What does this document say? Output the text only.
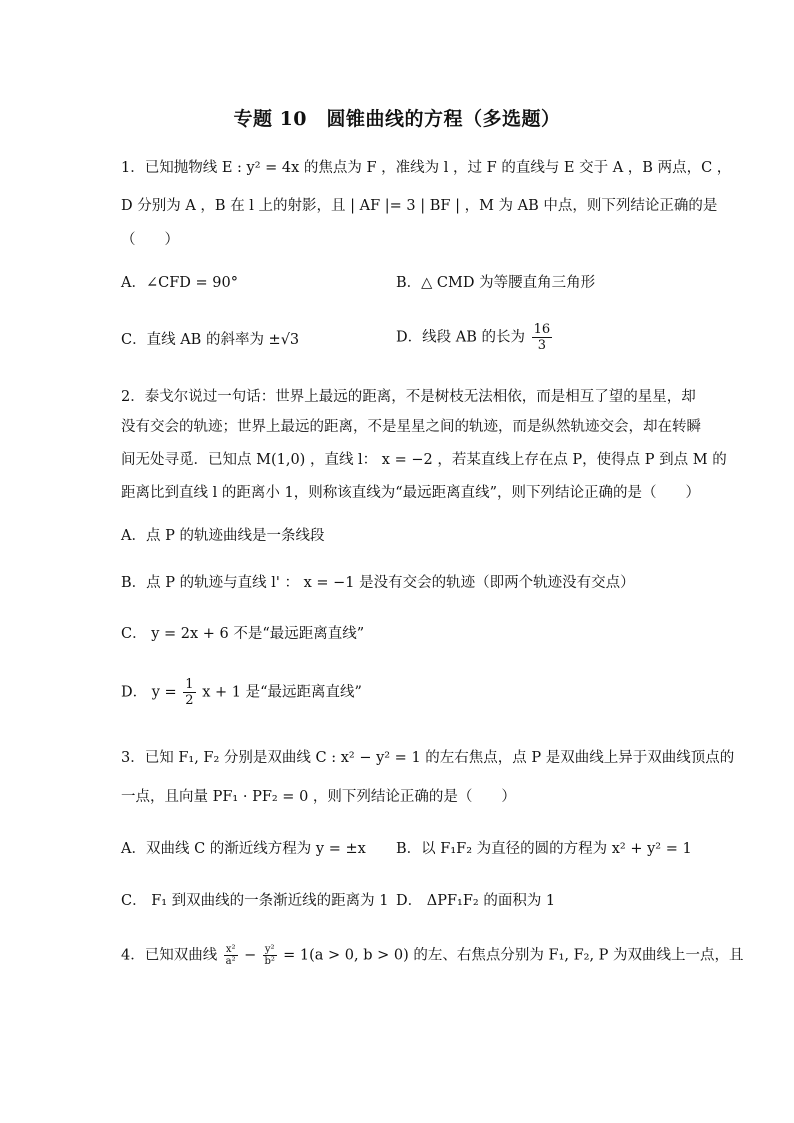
专题 10　圆锥曲线的方程（多选题）
1．已知抛物线 E : y² = 4x 的焦点为 F ，准线为 l ，过 F 的直线与 E 交于 A ，B 两点，C ，
D 分别为 A ，B 在 l 上的射影，且 | AF |= 3 | BF | ，M 为 AB 中点，则下列结论正确的是
（　　）
A．∠CFD = 90°	B．△ CMD 为等腰直角三角形
C．直线 AB 的斜率为 ±√3	D．线段 AB 的长为 $\frac{16}{3}$
2．泰戈尔说过一句话：世界上最远的距离，不是树枝无法相依，而是相互了望的星星，却
没有交会的轨迹；世界上最远的距离，不是星星之间的轨迹，而是纵然轨迹交会，却在转瞬
间无处寻觅．已知点 M(1,0) ，直线 l： x = −2 ，若某直线上存在点 P，使得点 P 到点 M 的
距离比到直线 l 的距离小 1，则称该直线为“最远距离直线”，则下列结论正确的是（　　）
A．点 P 的轨迹曲线是一条线段
B．点 P 的轨迹与直线 l' ： x = −1 是没有交会的轨迹（即两个轨迹没有交点）
C． y = 2x + 6 不是“最远距离直线”
D． $y = \frac{1}{2}$ x + 1 是“最远距离直线”
3．已知 F₁, F₂ 分别是双曲线 C : x² − y² = 1 的左右焦点，点 P 是双曲线上异于双曲线顶点的
一点，且向量 PF₁ · PF₂ = 0 ，则下列结论正确的是（　　）
A．双曲线 C 的渐近线方程为 y = ±x B．以 F₁F₂ 为直径的圆的方程为 x² + y² = 1
C． F₁ 到双曲线的一条渐近线的距离为 1 D． ΔPF₁F₂ 的面积为 1
4．已知双曲线 $\frac{\text{x²}}{\text{a²}} - \frac{\text{y²}}{\text{b²}} = 1(a > 0$, b > 0) 的左、右焦点分别为 F₁, F₂, P 为双曲线上一点，且
